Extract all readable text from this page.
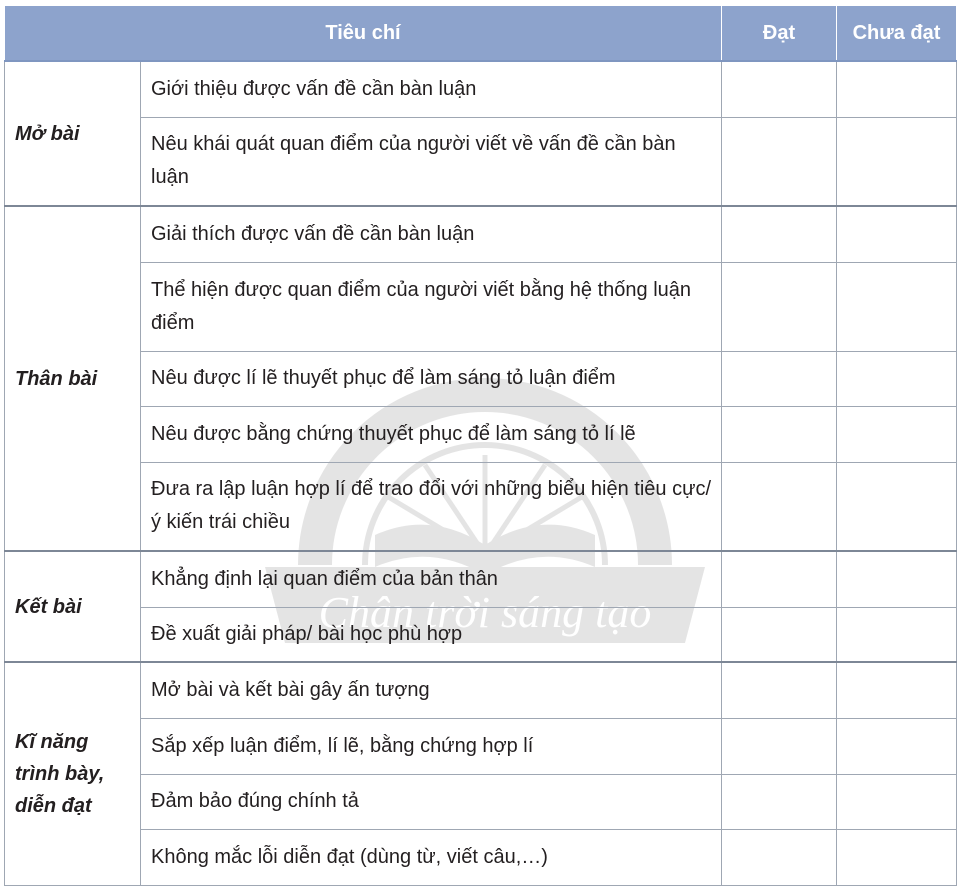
Chân trời sáng tạo
Tiêu chí		Đạt	Chưa đạt
Mở bài	Giới thiệu được vấn đề cần bàn luận		
	Nêu khái quát quan điểm của người viết về vấn đề cần bàn luận		
Thân bài	Giải thích được vấn đề cần bàn luận		
	Thể hiện được quan điểm của người viết bằng hệ thống luận điểm		
	Nêu được lí lẽ thuyết phục để làm sáng tỏ luận điểm		
	Nêu được bằng chứng thuyết phục để làm sáng tỏ lí lẽ		
	Đưa ra lập luận hợp lí để trao đổi với những biểu hiện tiêu cực/ ý kiến trái chiều		
Kết bài	Khẳng định lại quan điểm của bản thân		
	Đề xuất giải pháp/ bài học phù hợp		
Kĩ năng trình bày, diễn đạt	Mở bài và kết bài gây ấn tượng		
	Sắp xếp luận điểm, lí lẽ, bằng chứng hợp lí		
	Đảm bảo đúng chính tả		
	Không mắc lỗi diễn đạt (dùng từ, viết câu,…)		
